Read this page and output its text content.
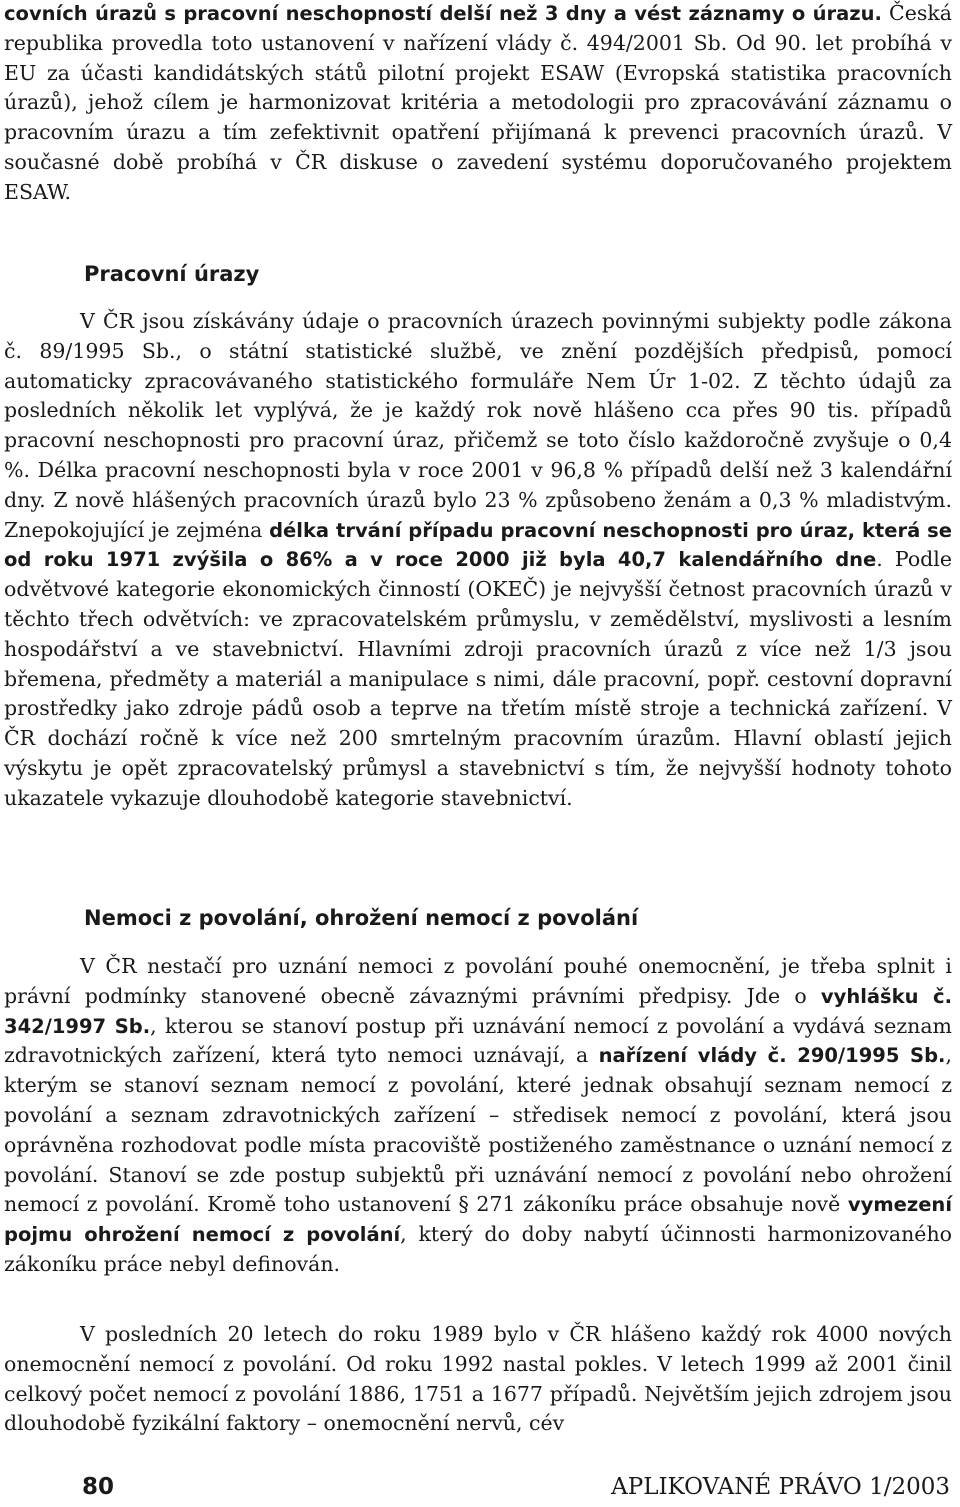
covních úrazů s pracovní neschopností delší než 3 dny a vést záznamy o úrazu. Česká republika provedla toto ustanovení v nařízení vlády č. 494/2001 Sb. Od 90. let probíhá v EU za účasti kandidátských států pilotní projekt ESAW (Evropská statistika pracovních úrazů), jehož cílem je harmonizovat kritéria a metodologii pro zpracovávání záznamu o pracovním úrazu a tím zefektivnit opatření přijímaná k prevenci pracovních úrazů. V současné době probíhá v ČR diskuse o zavedení systému doporučovaného projektem ESAW.

Pracovní úrazy

V ČR jsou získávány údaje o pracovních úrazech povinnými subjekty podle zákona č. 89/1995 Sb., o státní statistické službě, ve znění pozdějších předpisů, pomocí automaticky zpracovávaného statistického formuláře Nem Úr 1-02. Z těchto údajů za posledních několik let vyplývá, že je každý rok nově hlášeno cca přes 90 tis. případů pracovní neschopnosti pro pracovní úraz, přičemž se toto číslo každoročně zvyšuje o 0,4 %. Délka pracovní neschopnosti byla v roce 2001 v 96,8 % případů delší než 3 kalendářní dny. Z nově hlášených pracovních úrazů bylo 23 % způsobeno ženám a 0,3 % mladistvým. Znepokojující je zejména délka trvání případu pracovní neschopnosti pro úraz, která se od roku 1971 zvýšila o 86% a v roce 2000 již byla 40,7 kalendářního dne. Podle odvětvové kategorie ekonomických činností (OKEČ) je nejvyšší četnost pracovních úrazů v těchto třech odvětvích: ve zpracovatelském průmyslu, v zemědělství, myslivosti a lesním hospodářství a ve stavebnictví. Hlavními zdroji pracovních úrazů z více než 1/3 jsou břemena, předměty a materiál a manipulace s nimi, dále pracovní, popř. cestovní dopravní prostředky jako zdroje pádů osob a teprve na třetím místě stroje a technická zařízení. V ČR dochází ročně k více než 200 smrtelným pracovním úrazům. Hlavní oblastí jejich výskytu je opět zpracovatelský průmysl a stavebnictví s tím, že nejvyšší hodnoty tohoto ukazatele vykazuje dlouhodobě kategorie stavebnictví.

Nemoci z povolání, ohrožení nemocí z povolání

V ČR nestačí pro uznání nemoci z povolání pouhé onemocnění, je třeba splnit i právní podmínky stanovené obecně závaznými právními předpisy. Jde o vyhlášku č. 342/1997 Sb., kterou se stanoví postup při uznávání nemocí z povolání a vydává seznam zdravotnických zařízení, která tyto nemoci uznávají, a nařízení vlády č. 290/1995 Sb., kterým se stanoví seznam nemocí z povolání, které jednak obsahují seznam nemocí z povolání a seznam zdravotnických zařízení – středisek nemocí z povolání, která jsou oprávněna rozhodovat podle místa pracoviště postiženého zaměstnance o uznání nemocí z povolání. Stanoví se zde postup subjektů při uznávání nemocí z povolání nebo ohrožení nemocí z povolání. Kromě toho ustanovení § 271 zákoníku práce obsahuje nově vymezení pojmu ohrožení nemocí z povolání, který do doby nabytí účinnosti harmonizovaného zákoníku práce nebyl definován.

V posledních 20 letech do roku 1989 bylo v ČR hlášeno každý rok 4000 nových onemocnění nemocí z povolání. Od roku 1992 nastal pokles. V letech 1999 až 2001 činil celkový počet nemocí z povolání 1886, 1751 a 1677 případů. Největším jejich zdrojem jsou dlouhodobě fyzikální faktory – onemocnění nervů, cév

80	APLIKOVANÉ PRÁVO 1/2003
